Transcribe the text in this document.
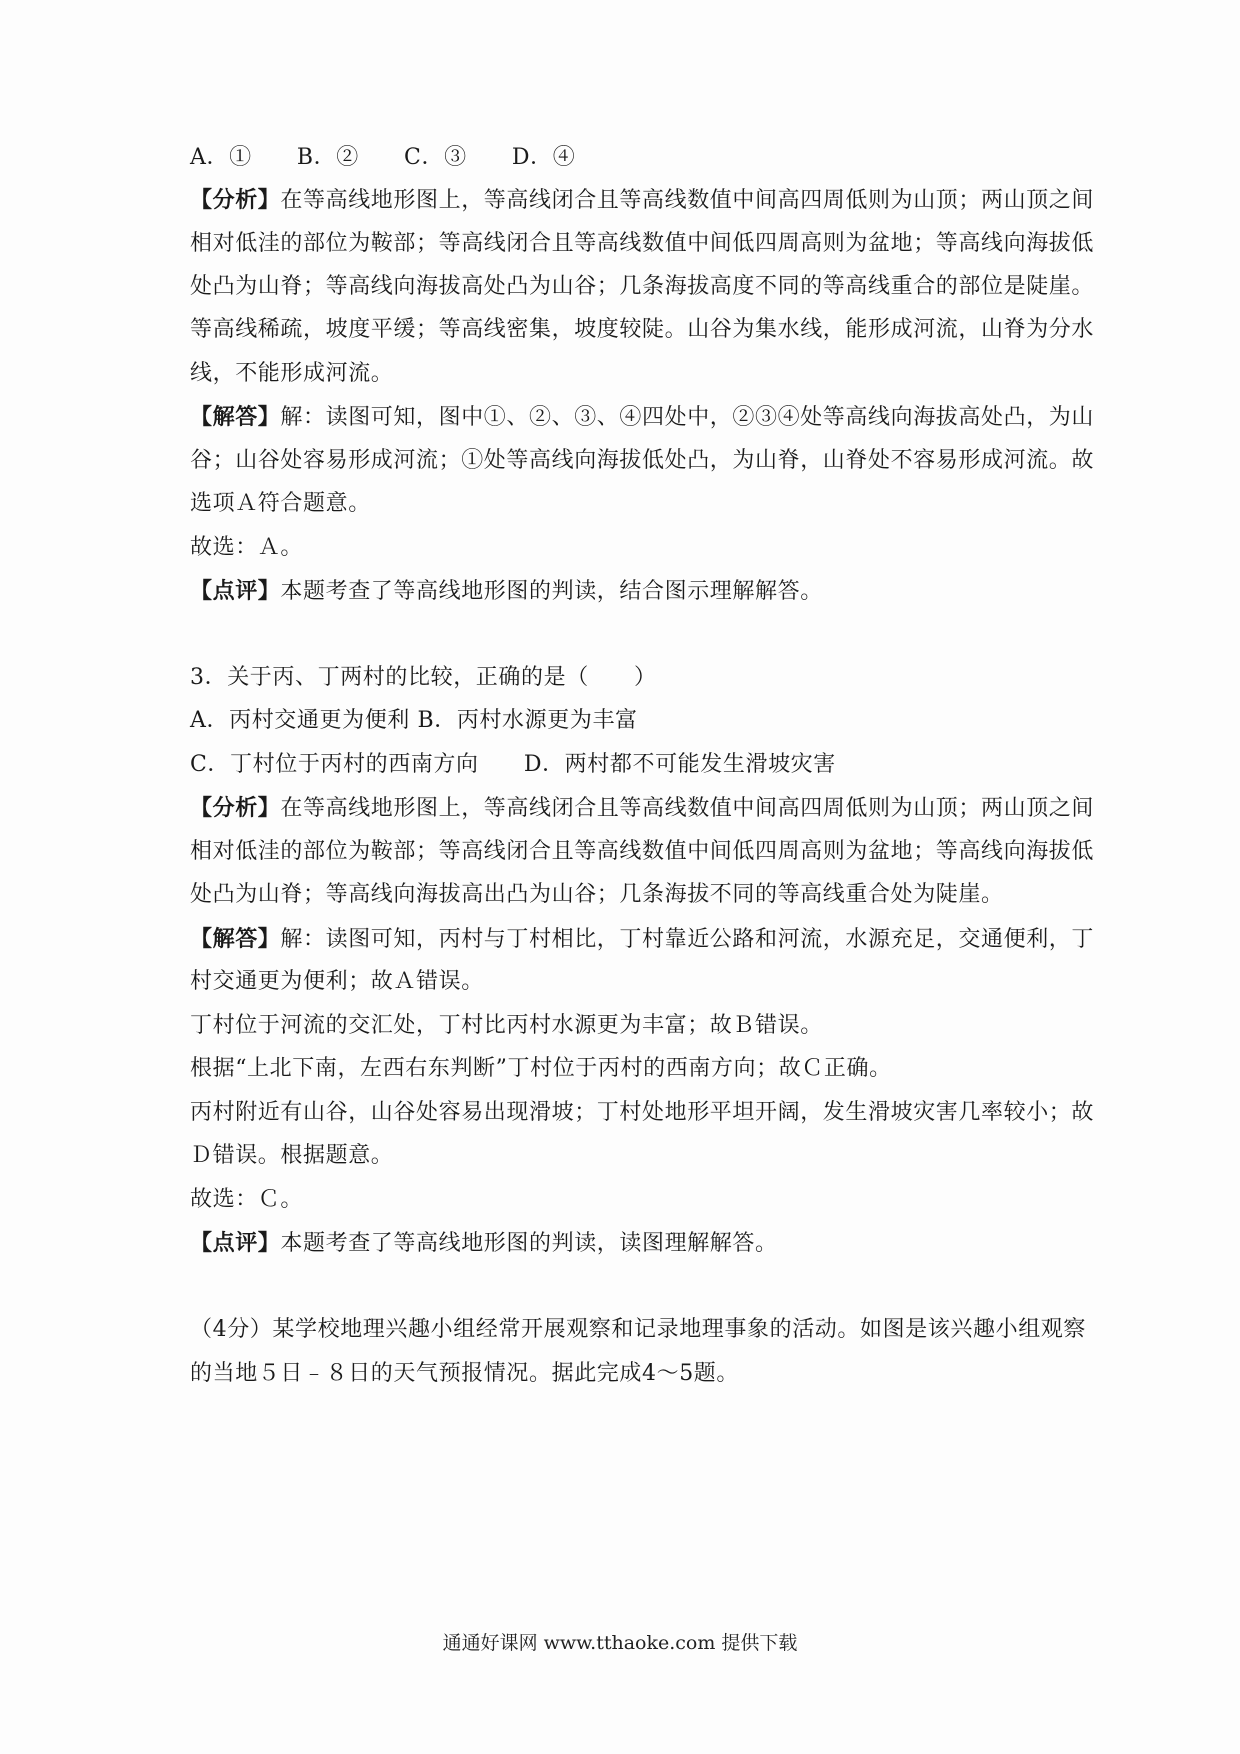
A．①　　B．②　　C．③　　D．④
【分析】在等高线地形图上，等高线闭合且等高线数值中间高四周低则为山顶；两山顶之间
相对低洼的部位为鞍部；等高线闭合且等高线数值中间低四周高则为盆地；等高线向海拔低
处凸为山脊；等高线向海拔高处凸为山谷；几条海拔高度不同的等高线重合的部位是陡崖。
等高线稀疏，坡度平缓；等高线密集，坡度较陡。山谷为集水线，能形成河流，山脊为分水
线，不能形成河流。
【解答】解：读图可知，图中①、②、③、④四处中，②③④处等高线向海拔高处凸，为山
谷；山谷处容易形成河流；①处等高线向海拔低处凸，为山脊，山脊处不容易形成河流。故
选项Ａ符合题意。
故选：Ａ。
【点评】本题考查了等高线地形图的判读，结合图示理解解答。
3．关于丙、丁两村的比较，正确的是（　　）
A．丙村交通更为便利 B．丙村水源更为丰富
C．丁村位于丙村的西南方向　　D．两村都不可能发生滑坡灾害
【分析】在等高线地形图上，等高线闭合且等高线数值中间高四周低则为山顶；两山顶之间
相对低洼的部位为鞍部；等高线闭合且等高线数值中间低四周高则为盆地；等高线向海拔低
处凸为山脊；等高线向海拔高出凸为山谷；几条海拔不同的等高线重合处为陡崖。
【解答】解：读图可知，丙村与丁村相比，丁村靠近公路和河流，水源充足，交通便利，丁
村交通更为便利；故Ａ错误。
丁村位于河流的交汇处，丁村比丙村水源更为丰富；故Ｂ错误。
根据“上北下南，左西右东判断”丁村位于丙村的西南方向；故Ｃ正确。
丙村附近有山谷，山谷处容易出现滑坡；丁村处地形平坦开阔，发生滑坡灾害几率较小；故
Ｄ错误。根据题意。
故选：Ｃ。
【点评】本题考查了等高线地形图的判读，读图理解解答。
（4分）某学校地理兴趣小组经常开展观察和记录地理事象的活动。如图是该兴趣小组观察
的当地５日﹣８日的天气预报情况。据此完成4～5题。
通通好课网 www.tthaoke.com 提供下载
